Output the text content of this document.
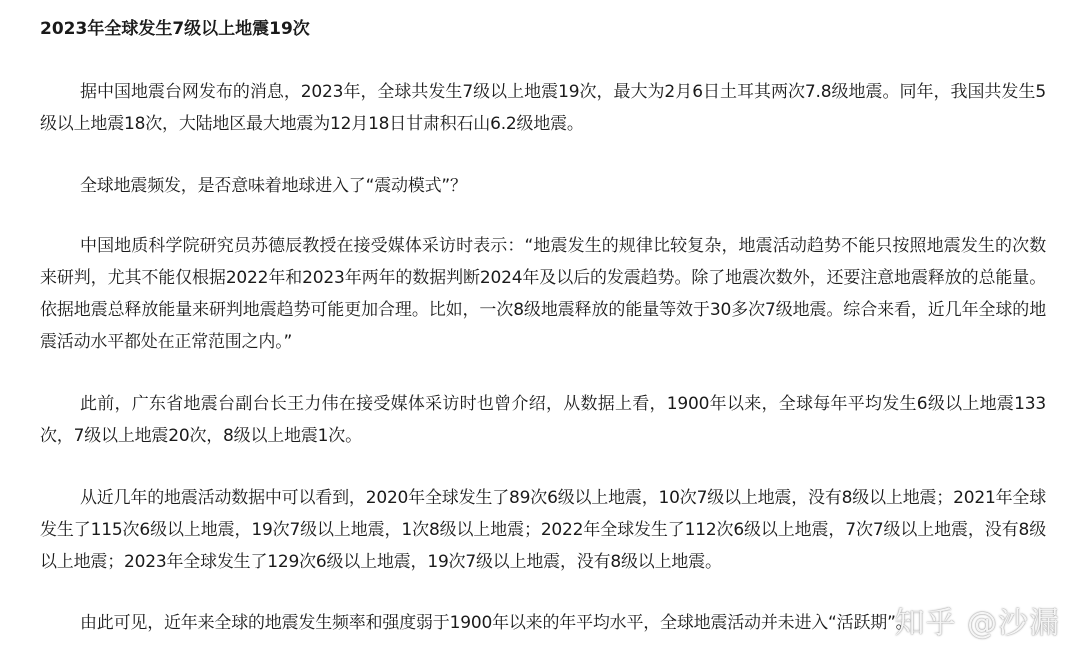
2023年全球发生7级以上地震19次

据中国地震台网发布的消息，2023年，全球共发生7级以上地震19次，最大为2月6日土耳其两次7.8级地震。同年，我国共发生5级以上地震18次，大陆地区最大地震为12月18日甘肃积石山6.2级地震。

全球地震频发，是否意味着地球进入了“震动模式”？

中国地质科学院研究员苏德辰教授在接受媒体采访时表示：“地震发生的规律比较复杂，地震活动趋势不能只按照地震发生的次数来研判，尤其不能仅根据2022年和2023年两年的数据判断2024年及以后的发震趋势。除了地震次数外，还要注意地震释放的总能量。依据地震总释放能量来研判地震趋势可能更加合理。比如，一次8级地震释放的能量等效于30多次7级地震。综合来看，近几年全球的地震活动水平都处在正常范围之内。”

此前，广东省地震台副台长王力伟在接受媒体采访时也曾介绍，从数据上看，1900年以来，全球每年平均发生6级以上地震133次，7级以上地震20次，8级以上地震1次。

从近几年的地震活动数据中可以看到，2020年全球发生了89次6级以上地震，10次7级以上地震，没有8级以上地震；2021年全球发生了115次6级以上地震，19次7级以上地震，1次8级以上地震；2022年全球发生了112次6级以上地震，7次7级以上地震，没有8级以上地震；2023年全球发生了129次6级以上地震，19次7级以上地震，没有8级以上地震。

由此可见，近年来全球的地震发生频率和强度弱于1900年以来的年平均水平，全球地震活动并未进入“活跃期”。

知乎 @沙漏
